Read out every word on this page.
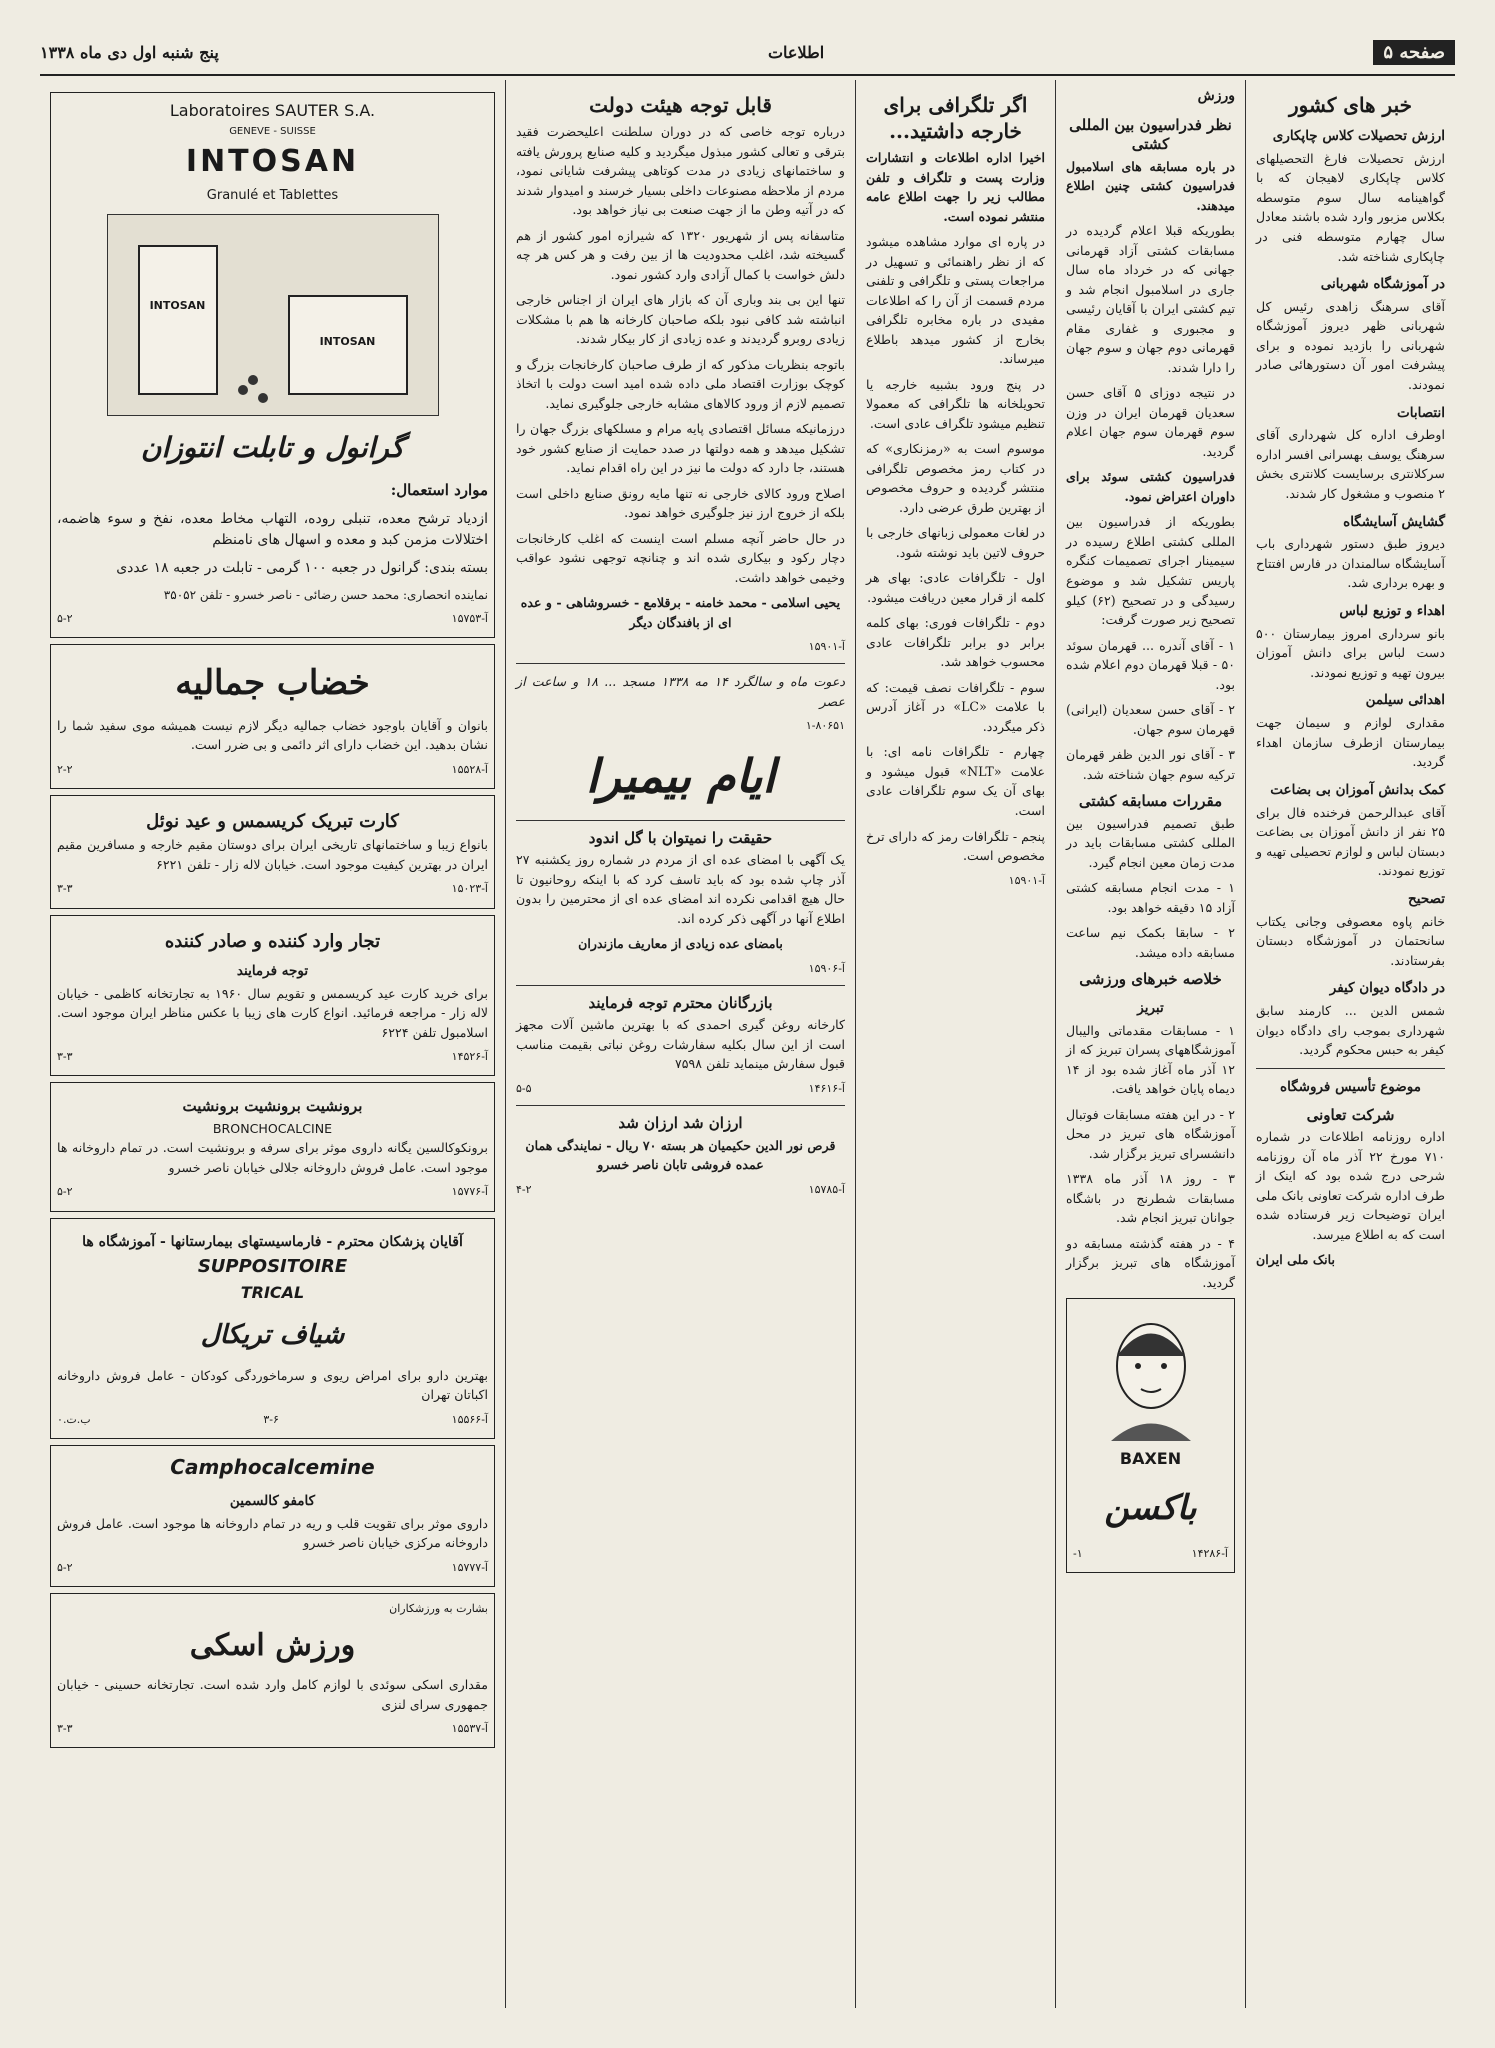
صفحه ۵
اطلاعات
پنج شنبه اول دی ماه ۱۳۳۸
خبر های کشور
ارزش تحصیلات کلاس چاپکاری

ارزش تحصیلات فارغ التحصیلهای کلاس چاپکاری لاهیجان که با گواهینامه سال سوم متوسطه بکلاس مزبور وارد شده باشند معادل سال چهارم متوسطه فنی در چاپکاری شناخته شد.

در آموزشگاه شهربانی

آقای سرهنگ زاهدی رئیس کل شهربانی ظهر دیروز آموزشگاه شهربانی را بازدید نموده و برای پیشرفت امور آن دستورهائی صادر نمودند.

انتصابات

اوطرف اداره کل شهرداری آقای سرهنگ یوسف بهسرانی افسر اداره سرکلانتری برسایست کلانتری بخش ۲ منصوب و مشغول کار شدند.

گشایش آسایشگاه

دیروز طبق دستور شهرداری باب آسایشگاه سالمندان در فارس افتتاح و بهره برداری شد.

اهداء و توزیع لباس

بانو سرداری امروز بیمارستان ۵۰۰ دست لباس برای دانش آموزان بیرون تهیه و توزیع نمودند.

اهدائی سیلمن

مقداری لوازم و سیمان جهت بیمارستان ازطرف سازمان اهداء گردید.

کمک بدانش آموزان بی بضاعت

آقای عبدالرحمن فرخنده فال برای ۲۵ نفر از دانش آموزان بی بضاعت دبستان لباس و لوازم تحصیلی تهیه و توزیع نمودند.

تصحیح

خانم پاوه معصوفی وجانی یکتاب سانحتمان در آموزشگاه دبستان بفرستادند.

در دادگاه دیوان کیفر

شمس الدین ... کارمند سابق شهرداری بموجب رای دادگاه دیوان کیفر به حبس محکوم گردید.

موضوع تأسیس فروشگاه
شرکت تعاونی

اداره روزنامه اطلاعات در شماره ۷۱۰ مورخ ۲۲ آذر ماه آن روزنامه شرحی درج شده بود که اینک از طرف اداره شرکت تعاونی بانک ملی ایران توضیحات زیر فرستاده شده است که به اطلاع میرسد.

بانک ملی ایران

ورزش
نظر فدراسیون بین المللی کشتی

در باره مسابقه های اسلامبول فدراسیون کشتی چنین اطلاع میدهند.

بطوریکه قبلا اعلام گردیده در مسابقات کشتی آزاد قهرمانی جهانی که در خرداد ماه سال جاری در اسلامبول انجام شد و تیم کشتی ایران با آقایان رئیسی و مجبوری و غفاری مقام قهرمانی دوم جهان و سوم جهان را دارا شدند.

در نتیجه دوزای ۵ آقای حسن سعدیان قهرمان ایران در وزن سوم قهرمان سوم جهان اعلام گردید.

فدراسیون کشتی سوئد برای داوران اعتراض نمود.

بطوریکه از فدراسیون بین المللی کشتی اطلاع رسیده در سیمینار اجرای تصمیمات کنگره پاریس تشکیل شد و موضوع رسیدگی و در تصحیح (۶۲) کیلو تصحیح زیر صورت گرفت:

۱ - آقای آندره ... قهرمان سوئد ۵۰ - قبلا قهرمان دوم اعلام شده بود.

۲ - آقای حسن سعدیان (ایرانی) قهرمان سوم جهان.

۳ - آقای نور الدین ظفر قهرمان ترکیه سوم جهان شناخته شد.

مقررات مسابقه کشتی

طبق تصمیم فدراسیون بین المللی کشتی مسابقات باید در مدت زمان معین انجام گیرد.

۱ - مدت انجام مسابقه کشتی آزاد ۱۵ دقیقه خواهد بود.

۲ - سابقا بکمک نیم ساعت مسابقه داده میشد.

خلاصه خبرهای ورزشی
تبریز

۱ - مسابقات مقدماتی والیبال آموزشگاههای پسران تبریز که از ۱۲ آذر ماه آغاز شده بود از ۱۴ دیماه پایان خواهد یافت.

۲ - در این هفته مسابقات فوتبال آموزشگاه های تبریز در محل دانشسرای تبریز برگزار شد.

۳ - روز ۱۸ آذر ماه ۱۳۳۸ مسابقات شطرنج در باشگاه جوانان تبریز انجام شد.

۴ - در هفته گذشته مسابقه دو آموزشگاه های تبریز برگزار گردید.

BAXEN
باکسن
آ-۱۴۲۸۶
۱-
اگر تلگرافی برای خارجه داشتید...

اخیرا اداره اطلاعات و انتشارات وزارت پست و تلگراف و تلفن مطالب زیر را جهت اطلاع عامه منتشر نموده است.

در پاره ای موارد مشاهده میشود که از نظر راهنمائی و تسهیل در مراجعات پستی و تلگرافی و تلفنی مردم قسمت از آن را که اطلاعات مفیدی در باره مخابره تلگرافی بخارج از کشور میدهد باطلاع میرساند.

در پنج ورود بشبیه خارجه یا تحویلخانه ها تلگرافی که معمولا تنظیم میشود تلگراف عادی است.

موسوم است به «رمزنکاری» که در کتاب رمز مخصوص تلگرافی منتشر گردیده و حروف مخصوص از بهترین طرق عرضی دارد.

در لغات معمولی زبانهای خارجی با حروف لاتین باید نوشته شود.

اول - تلگرافات عادی: بهای هر کلمه از قرار معین دریافت میشود.

دوم - تلگرافات فوری: بهای کلمه برابر دو برابر تلگرافات عادی محسوب خواهد شد.

سوم - تلگرافات نصف قیمت: که با علامت «LC» در آغاز آدرس ذکر میگردد.

چهارم - تلگرافات نامه ای: با علامت «NLT» قبول میشود و بهای آن یک سوم تلگرافات عادی است.

پنجم - تلگرافات رمز که دارای ترخ مخصوص است.

آ-۱۵۹۰۱
قابل توجه هیئت دولت

درباره توجه خاصی که در دوران سلطنت اعلیحضرت فقید بترقی و تعالی کشور مبذول میگردید و کلیه صنایع پرورش یافته و ساختمانهای زیادی در مدت کوتاهی پیشرفت شایانی نمود، مردم از ملاحظه مصنوعات داخلی بسیار خرسند و امیدوار شدند که در آتیه وطن ما از جهت صنعت بی نیاز خواهد بود.

متاسفانه پس از شهریور ۱۳۲۰ که شیرازه امور کشور از هم گسیخته شد، اغلب محدودیت ها از بین رفت و هر کس هر چه دلش خواست با کمال آزادی وارد کشور نمود.

تنها این بی بند وباری آن که بازار های ایران از اجناس خارجی انباشته شد کافی نبود بلکه صاحبان کارخانه ها هم با مشکلات زیادی روبرو گردیدند و عده زیادی از کار بیکار شدند.

باتوجه بنظریات مذکور که از طرف صاحبان کارخانجات بزرگ و کوچک بوزارت اقتصاد ملی داده شده امید است دولت با اتخاذ تصمیم لازم از ورود کالاهای مشابه خارجی جلوگیری نماید.

درزمانیکه مسائل اقتصادی پایه مرام و مسلکهای بزرگ جهان را تشکیل میدهد و همه دولتها در صدد حمایت از صنایع کشور خود هستند، جا دارد که دولت ما نیز در این راه اقدام نماید.

اصلاح ورود کالای خارجی نه تنها مایه رونق صنایع داخلی است بلکه از خروج ارز نیز جلوگیری خواهد نمود.

در حال حاضر آنچه مسلم است اینست که اغلب کارخانجات دچار رکود و بیکاری شده اند و چنانچه توجهی نشود عواقب وخیمی خواهد داشت.

یحیی اسلامی - محمد خامنه - برقلامع - خسروشاهی - و عده ای از بافندگان دیگر

آ-۱۵۹۰۱

دعوت ماه و سالگرد ۱۴ مه ۱۳۳۸ مسجد ... ۱۸ و ساعت از عصر

۱-۸۰۶۵۱
ایام بیمیرا
حقیقت را نمیتوان با گل اندود

یک آگهی با امضای عده ای از مردم در شماره روز یکشنبه ۲۷ آذر چاپ شده بود که باید تاسف کرد که با اینکه روحانیون تا حال هیچ اقدامی نکرده اند امضای عده ای از محترمین را بدون اطلاع آنها در آگهی ذکر کرده اند.

بامضای عده زیادی از معاریف مازندران

آ-۱۵۹۰۶
بازرگانان محترم توجه فرمایند

کارخانه روغن گیری احمدی که با بهترین ماشین آلات مجهز است از این سال بکلیه سفارشات روغن نباتی بقیمت مناسب قبول سفارش مینماید تلفن ۷۵۹۸

آ-۱۴۶۱۶
۵-۵
ارزان شد ارزان شد

قرص نور الدین حکیمیان هر بسته ۷۰ ریال - نمایندگی همان عمده فروشی تابان ناصر خسرو

آ-۱۵۷۸۵
۴-۲
Laboratoires SAUTER S.A.
GENEVE - SUISSE
INTOSAN
Granulé et Tablettes
INTOSAN
INTOSAN
گرانول و تابلت انتوزان

موارد استعمال:

ازدیاد ترشح معده، تنبلی روده، التهاب مخاط معده، نفخ و سوء هاضمه، اختلالات مزمن کبد و معده و اسهال های نامنظم

بسته بندی: گرانول در جعبه ۱۰۰ گرمی - تابلت در جعبه ۱۸ عددی

نماینده انحصاری: محمد حسن رضائی - ناصر خسرو - تلفن ۳۵۰۵۲

آ-۱۵۷۵۳
۵-۲
خضاب جمالیه

بانوان و آقایان باوجود خضاب جمالیه دیگر لازم نیست همیشه موی سفید شما را نشان بدهید. این خضاب دارای اثر دائمی و بی ضرر است.

آ-۱۵۵۲۸
۲-۲
کارت تبریک کریسمس و عید نوئل

بانواع زیبا و ساختمانهای تاریخی ایران برای دوستان مقیم خارجه و مسافرین مقیم ایران در بهترین کیفیت موجود است. خیابان لاله زار - تلفن ۶۲۲۱

آ-۱۵۰۲۳
۳-۳
تجار وارد کننده و صادر کننده
توجه فرمایند

برای خرید کارت عید کریسمس و تقویم سال ۱۹۶۰ به تجارتخانه کاظمی - خیابان لاله زار - مراجعه فرمائید. انواع کارت های زیبا با عکس مناظر ایران موجود است. اسلامبول تلفن ۶۲۲۴

آ-۱۴۵۲۶
۳-۳
برونشیت برونشیت برونشیت
BRONCHOCALCINE

برونکوکالسین یگانه داروی موثر برای سرفه و برونشیت است. در تمام داروخانه ها موجود است. عامل فروش داروخانه جلالی خیابان ناصر خسرو

آ-۱۵۷۷۶
۵-۲
آقایان پزشکان محترم - فارماسیستهای بیمارستانها - آموزشگاه ها
SUPPOSITOIRE
TRICAL
شیاف تریکال

بهترین دارو برای امراض ریوی و سرماخوردگی کودکان - عامل فروش داروخانه اکباتان تهران

آ-۱۵۵۶۶
۳-۶
ب.ت.۰
Camphocalcemine
کامفو کالسمین

داروی موثر برای تقویت قلب و ریه در تمام داروخانه ها موجود است. عامل فروش داروخانه مرکزی خیابان ناصر خسرو

آ-۱۵۷۷۷
۵-۲
بشارت به ورزشکاران
ورزش اسکی

مقداری اسکی سوئدی با لوازم کامل وارد شده است. تجارتخانه حسینی - خیابان جمهوری سرای لنزی

آ-۱۵۵۳۷
۳-۳
